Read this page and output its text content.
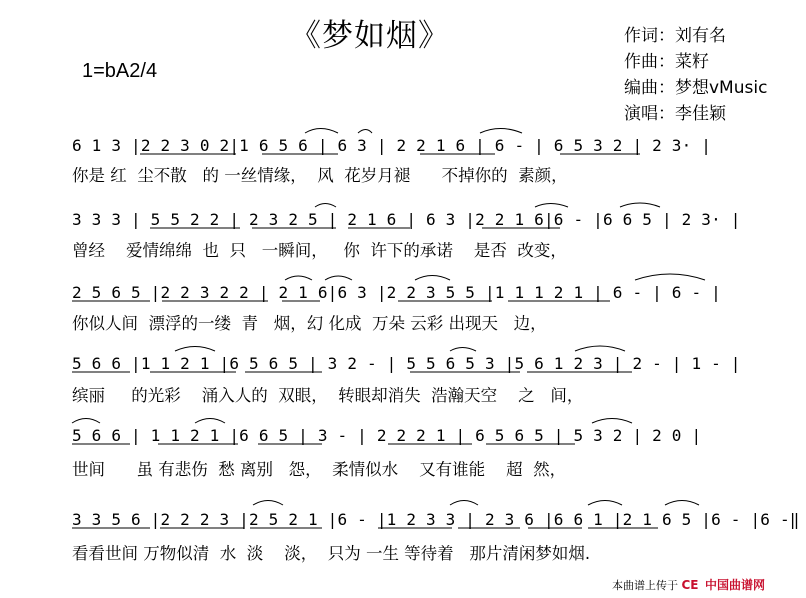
《梦如烟》
1=bA2/4
作词：刘有名
作曲：菜籽
编曲：梦想vMusic
演唱：李佳颖
6 1 3 |2 2 3 0 2|1 6 5 6 | 6 3 | 2 2 1 6 | 6 - | 6 5 3 2 | 2 3· |
你是 红  尘不散   的 一丝情缘，  风  花岁月褪      不掉你的  素颜，
3 3 3 | 5 5 2 2 | 2 3 2 5 | 2 1 6 | 6 3 |2 2 1 6|6 - |6 6 5 | 2 3· |
曾经    爱情绵绵  也  只   一瞬间，   你  许下的承诺    是否  改变，
2 5 6 5 |2 2 3 2 2 | 2 1 6|6 3 |2 2 3 5 5 |1 1 1 2 1 | 6 - | 6 - |
你似人间  漂浮的一缕  青   烟，幻 化成  万朵 云彩 出现天   边，
5 6 6 |1 1 2 1 |6 5 6 5 | 3 2 - | 5 5 6 5 3 |5 6 1 2 3 | 2 - | 1 - |
缤丽     的光彩    涌入人的  双眼，  转眼却消失  浩瀚天空    之   间，
5 6 6 | 1 1 2 1 |6 6 5 | 3 - | 2 2 2 1 | 6 5 6 5 | 5 3 2 | 2 0 |
世间      虽 有悲伤  愁 离别   怨，  柔情似水    又有谁能    超  然，
3 3 5 6 |2 2 2 3 |2 5 2 1 |6 - |1 2 3 3 | 2 3 6 |6 6 1 |2 1 6 5 |6 - |6 -‖
看看世间 万物似清  水  淡    淡，  只为 一生 等待着   那片清闲梦如烟.
本曲谱上传于 CE 中国曲谱网
